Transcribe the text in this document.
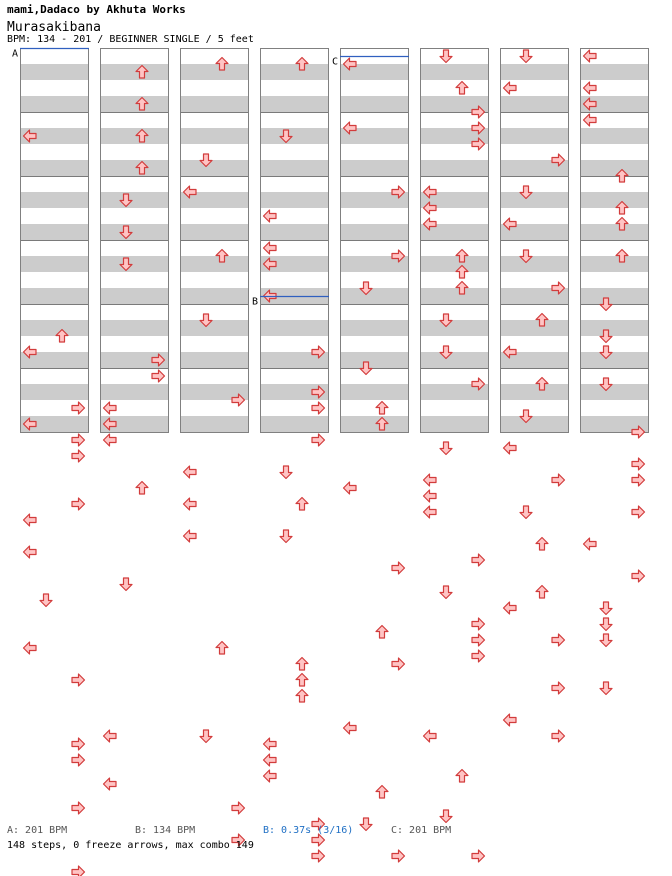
mami,Dadaco by Akhuta Works
Murasakibana
BPM: 134 - 201 / BEGINNER SINGLE / 5 feet
A
C
B
A: 201 BPM	B: 134 BPM	B: 0.37s (3/16)	C: 201 BPM
148 steps, 0 freeze arrows, max combo 149
